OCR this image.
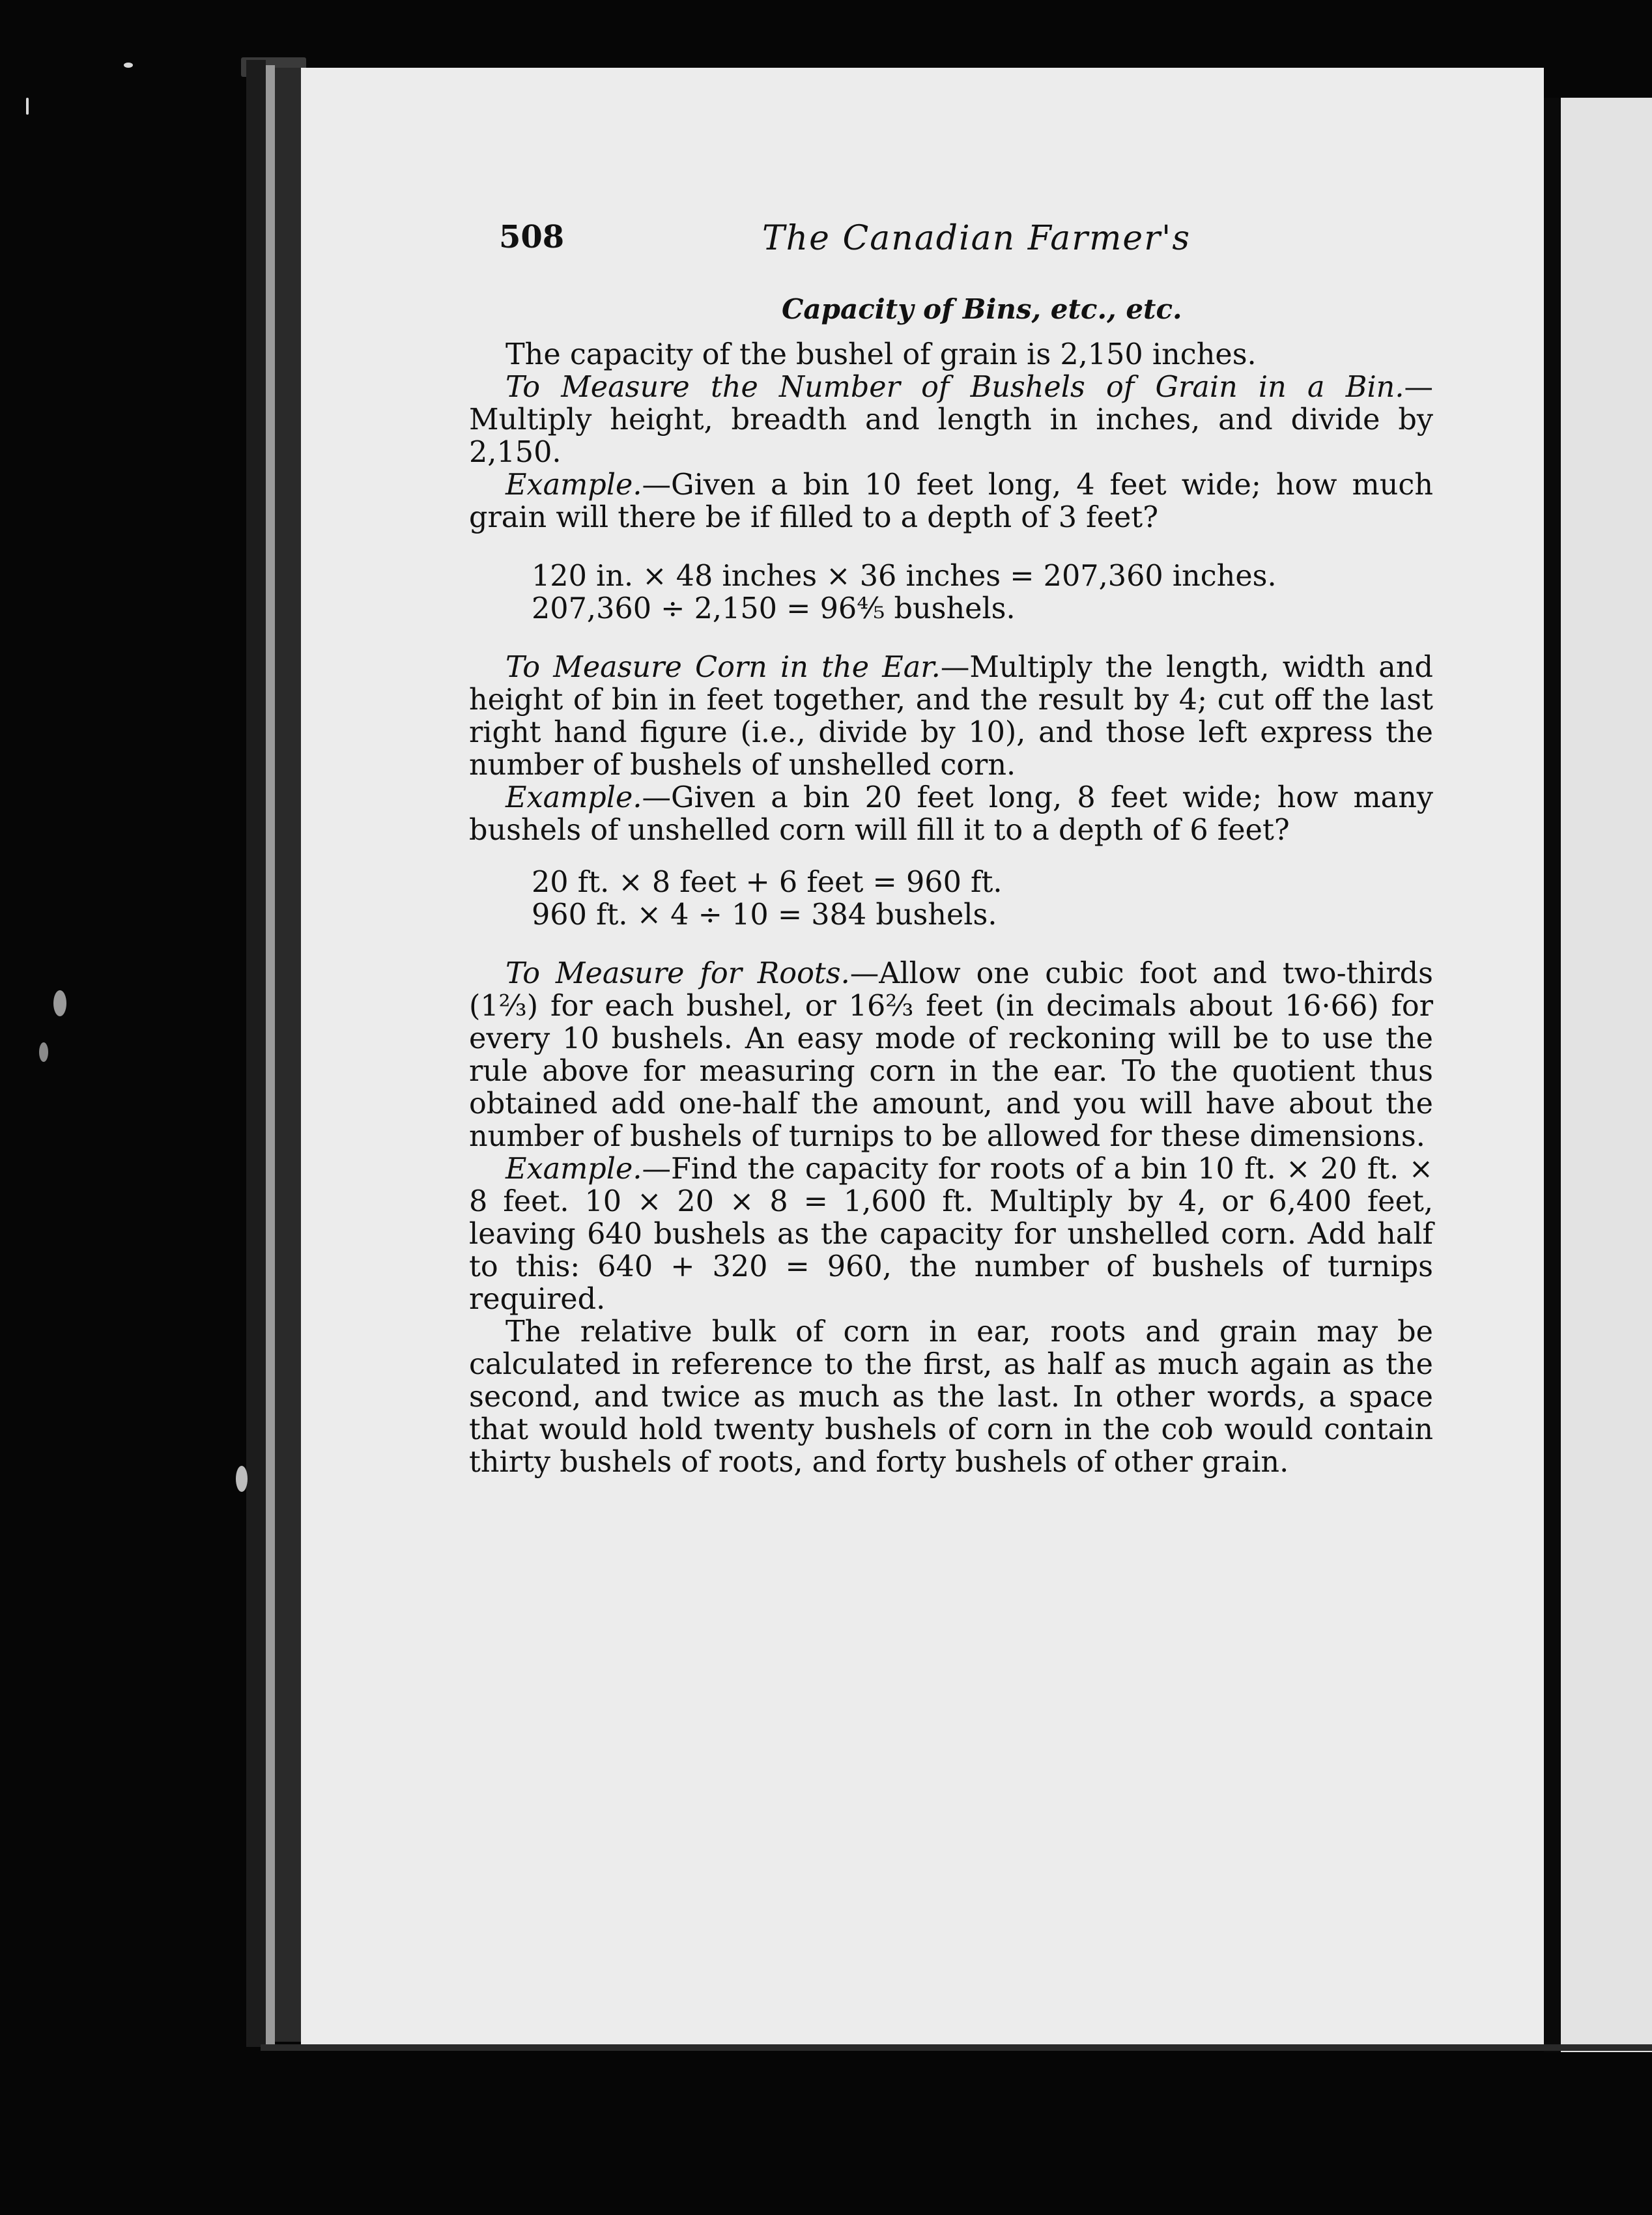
508	The Canadian Farmer's
Capacity of Bins, etc., etc.

The capacity of the bushel of grain is 2,150 inches.

To Measure the Number of Bushels of Grain in a Bin.—Multiply height, breadth and length in inches, and divide by 2,150.

Example.—Given a bin 10 feet long, 4 feet wide; how much grain will there be if filled to a depth of 3 feet?

120 in. × 48 inches × 36 inches = 207,360 inches.

207,360 ÷ 2,150 = 96⅘ bushels.

To Measure Corn in the Ear.—Multiply the length, width and height of bin in feet together, and the result by 4; cut off the last right hand figure (i.e., divide by 10), and those left express the number of bushels of unshelled corn.

Example.—Given a bin 20 feet long, 8 feet wide; how many bushels of unshelled corn will fill it to a depth of 6 feet?

20 ft. × 8 feet + 6 feet = 960 ft.

960 ft. × 4 ÷ 10 = 384 bushels.

To Measure for Roots.—Allow one cubic foot and two-thirds (1⅔) for each bushel, or 16⅔ feet (in decimals about 16·66) for every 10 bushels. An easy mode of reckoning will be to use the rule above for measuring corn in the ear. To the quotient thus obtained add one-half the amount, and you will have about the number of bushels of turnips to be allowed for these dimensions.

Example.—Find the capacity for roots of a bin 10 ft. × 20 ft. × 8 feet. 10 × 20 × 8 = 1,600 ft. Multiply by 4, or 6,400 feet, leaving 640 bushels as the capacity for unshelled corn. Add half to this: 640 + 320 = 960, the number of bushels of turnips required.

The relative bulk of corn in ear, roots and grain may be calculated in reference to the first, as half as much again as the second, and twice as much as the last. In other words, a space that would hold twenty bushels of corn in the cob would contain thirty bushels of roots, and forty bushels of other grain.
